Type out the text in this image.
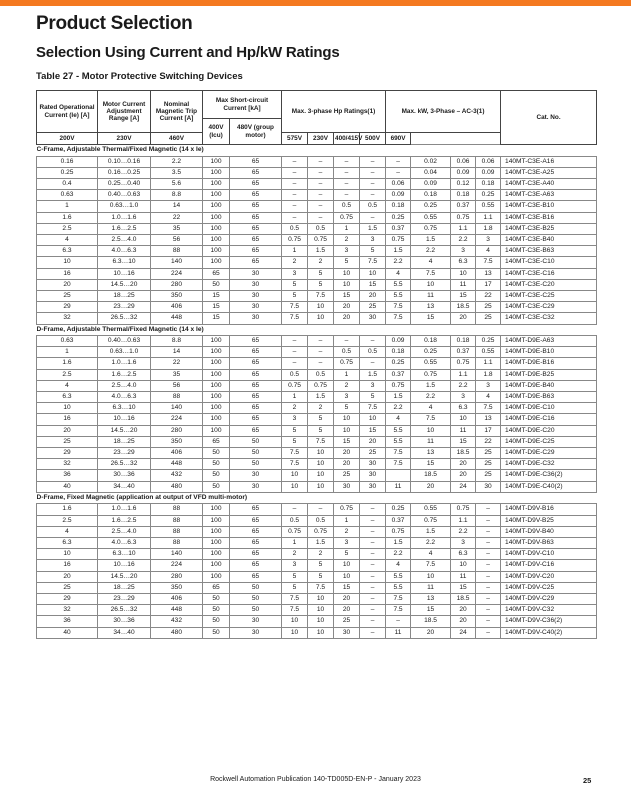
Product Selection
Selection Using Current and Hp/kW Ratings
Table 27 - Motor Protective Switching Devices
Rated Operational Current (Ie) [A]	Motor Current Adjustment Range [A]	Nominal Magnetic Trip Current [A]	Max Short-circuit Current [kA]		Max. 3-phase Hp Ratings(1)				Max. kW, 3-Phase – AC-3(1)				Cat. No.
			400V (Icu)	480V (group motor)									
200V	230V	460V			575V	230V	400/415V	500V	690V				
C-Frame, Adjustable Thermal/Fixed Magnetic (14 x Ie)													
0.16	0.10…0.16	2.2	100	65	–	–	–	–	–	0.02	0.06	0.06	140MT-C3E-A16
0.25	0.16…0.25	3.5	100	65	–	–	–	–	–	0.04	0.09	0.09	140MT-C3E-A25
0.4	0.25…0.40	5.6	100	65	–	–	–	–	0.06	0.09	0.12	0.18	140MT-C3E-A40
0.63	0.40…0.63	8.8	100	65	–	–	–	–	0.09	0.18	0.18	0.25	140MT-C3E-A63
1	0.63…1.0	14	100	65	–	–	0.5	0.5	0.18	0.25	0.37	0.55	140MT-C3E-B10
1.6	1.0…1.6	22	100	65	–	–	0.75	–	0.25	0.55	0.75	1.1	140MT-C3E-B16
2.5	1.6…2.5	35	100	65	0.5	0.5	1	1.5	0.37	0.75	1.1	1.8	140MT-C3E-B25
4	2.5…4.0	56	100	65	0.75	0.75	2	3	0.75	1.5	2.2	3	140MT-C3E-B40
6.3	4.0…6.3	88	100	65	1	1.5	3	5	1.5	2.2	3	4	140MT-C3E-B63
10	6.3…10	140	100	65	2	2	5	7.5	2.2	4	6.3	7.5	140MT-C3E-C10
16	10…16	224	65	30	3	5	10	10	4	7.5	10	13	140MT-C3E-C16
20	14.5…20	280	50	30	5	5	10	15	5.5	10	11	17	140MT-C3E-C20
25	18…25	350	15	30	5	7.5	15	20	5.5	11	15	22	140MT-C3E-C25
29	23…29	406	15	30	7.5	10	20	25	7.5	13	18.5	25	140MT-C3E-C29
32	26.5…32	448	15	30	7.5	10	20	30	7.5	15	20	25	140MT-C3E-C32
D-Frame, Adjustable Thermal/Fixed Magnetic (14 x Ie)													
0.63	0.40…0.63	8.8	100	65	–	–	–	–	0.09	0.18	0.18	0.25	140MT-D9E-A63
1	0.63…1.0	14	100	65	–	–	0.5	0.5	0.18	0.25	0.37	0.55	140MT-D9E-B10
1.6	1.0…1.6	22	100	65	–	–	0.75	–	0.25	0.55	0.75	1.1	140MT-D9E-B16
2.5	1.6…2.5	35	100	65	0.5	0.5	1	1.5	0.37	0.75	1.1	1.8	140MT-D9E-B25
4	2.5…4.0	56	100	65	0.75	0.75	2	3	0.75	1.5	2.2	3	140MT-D9E-B40
6.3	4.0…6.3	88	100	65	1	1.5	3	5	1.5	2.2	3	4	140MT-D9E-B63
10	6.3…10	140	100	65	2	2	5	7.5	2.2	4	6.3	7.5	140MT-D9E-C10
16	10…16	224	100	65	3	5	10	10	4	7.5	10	13	140MT-D9E-C16
20	14.5…20	280	100	65	5	5	10	15	5.5	10	11	17	140MT-D9E-C20
25	18…25	350	65	50	5	7.5	15	20	5.5	11	15	22	140MT-D9E-C25
29	23…29	406	50	50	7.5	10	20	25	7.5	13	18.5	25	140MT-D9E-C29
32	26.5…32	448	50	50	7.5	10	20	30	7.5	15	20	25	140MT-D9E-C32
36	30…36	432	50	30	10	10	25	30		18.5	20	25	140MT-D9E-C36(2)
40	34…40	480	50	30	10	10	30	30	11	20	24	30	140MT-D9E-C40(2)
D-Frame, Fixed Magnetic (application at output of VFD multi-motor)													
1.6	1.0…1.6	88	100	65	–	–	0.75	–	0.25	0.55	0.75	–	140MT-D9V-B16
2.5	1.6…2.5	88	100	65	0.5	0.5	1	–	0.37	0.75	1.1	–	140MT-D9V-B25
4	2.5…4.0	88	100	65	0.75	0.75	2	–	0.75	1.5	2.2	–	140MT-D9V-B40
6.3	4.0…6.3	88	100	65	1	1.5	3	–	1.5	2.2	3	–	140MT-D9V-B63
10	6.3…10	140	100	65	2	2	5	–	2.2	4	6.3	–	140MT-D9V-C10
16	10…16	224	100	65	3	5	10	–	4	7.5	10	–	140MT-D9V-C16
20	14.5…20	280	100	65	5	5	10	–	5.5	10	11	–	140MT-D9V-C20
25	18…25	350	65	50	5	7.5	15	–	5.5	11	15	–	140MT-D9V-C25
29	23…29	406	50	50	7.5	10	20	–	7.5	13	18.5	–	140MT-D9V-C29
32	26.5…32	448	50	50	7.5	10	20	–	7.5	15	20	–	140MT-D9V-C32
36	30…36	432	50	30	10	10	25	–	–	18.5	20	–	140MT-D9V-C36(2)
40	34…40	480	50	30	10	10	30	–	11	20	24	–	140MT-D9V-C40(2)
Rockwell Automation Publication 140-TD005D-EN-P - January 2023	25
